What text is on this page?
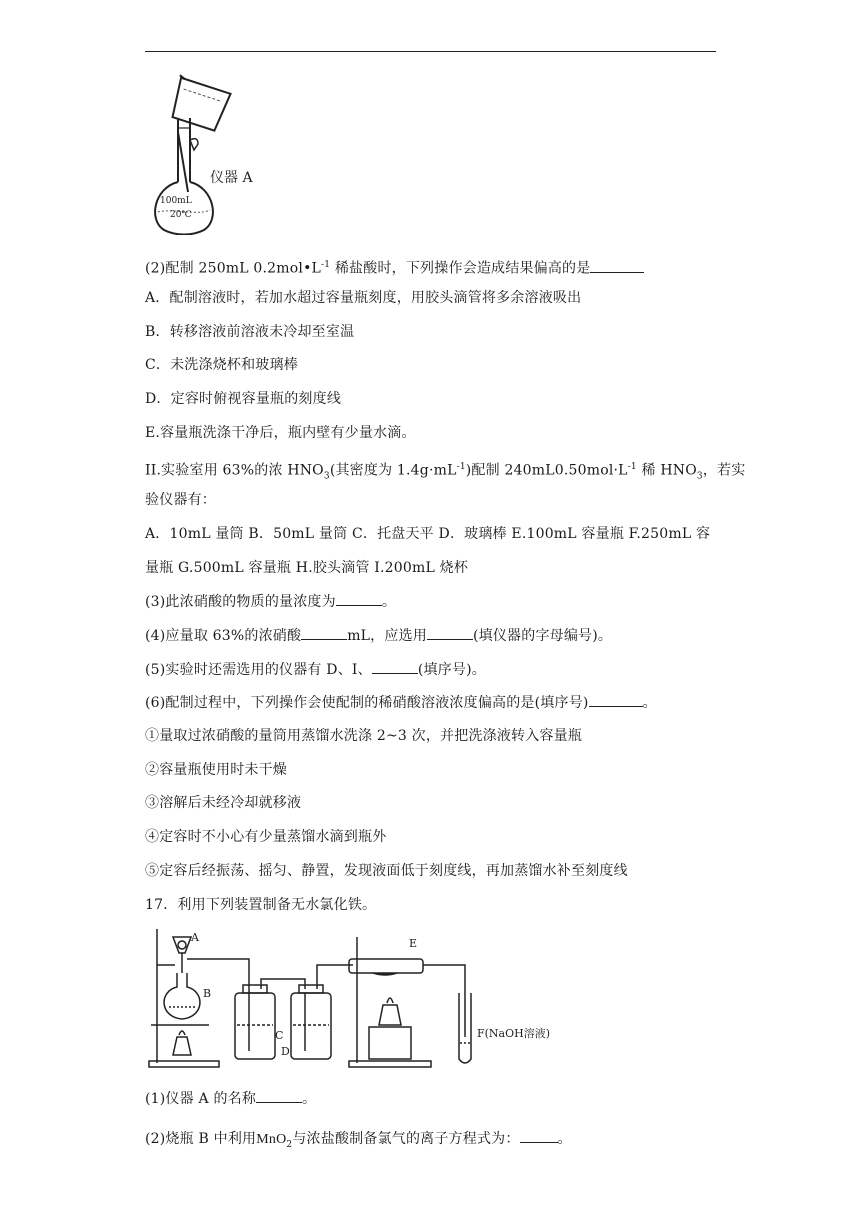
100mL
20℃
仪器 A
(2)配制 250mL $0.2mol•L^{-1}$ 稀盐酸时，下列操作会造成结果偏高的是
A．配制溶液时，若加水超过容量瓶刻度，用胶头滴管将多余溶液吸出
B．转移溶液前溶液未冷却至室温
C．未洗涤烧杯和玻璃棒
D．定容时俯视容量瓶的刻度线
E.容量瓶洗涤干净后，瓶内壁有少量水滴。
II.实验室用 63%的浓 $HNO_3$(其密度为 $1.4g\cdot mL^{-1}$)配制 $240mL0.50mol\cdot L^{-1}$ 稀 $HNO_3$，若实
验仪器有：
A．10mL 量筒 B．50mL 量筒 C．托盘天平 D．玻璃棒 E.100mL 容量瓶 F.250mL 容
量瓶 G.500mL 容量瓶 H.胶头滴管 I.200mL 烧杯
(3)此浓硝酸的物质的量浓度为	。
(4)应量取 63%的浓硝酸	mL，应选用	(填仪器的字母编号)。
(5)实验时还需选用的仪器有 D、I、	(填序号)。
(6)配制过程中，下列操作会使配制的稀硝酸溶液浓度偏高的是(填序号)	。
①量取过浓硝酸的量筒用蒸馏水洗涤 2~3 次，并把洗涤液转入容量瓶
②容量瓶使用时未干燥
③溶解后未经冷却就移液
④定容时不小心有少量蒸馏水滴到瓶外
⑤定容后经振荡、摇匀、静置，发现液面低于刻度线，再加蒸馏水补至刻度线
17．利用下列装置制备无水氯化铁。
A
B
C
D
E
F(NaOH溶液)
(1)仪器 A 的名称	。
(2)烧瓶 B 中利用MnO$_2$与浓盐酸制备氯气的离子方程式为：	。
